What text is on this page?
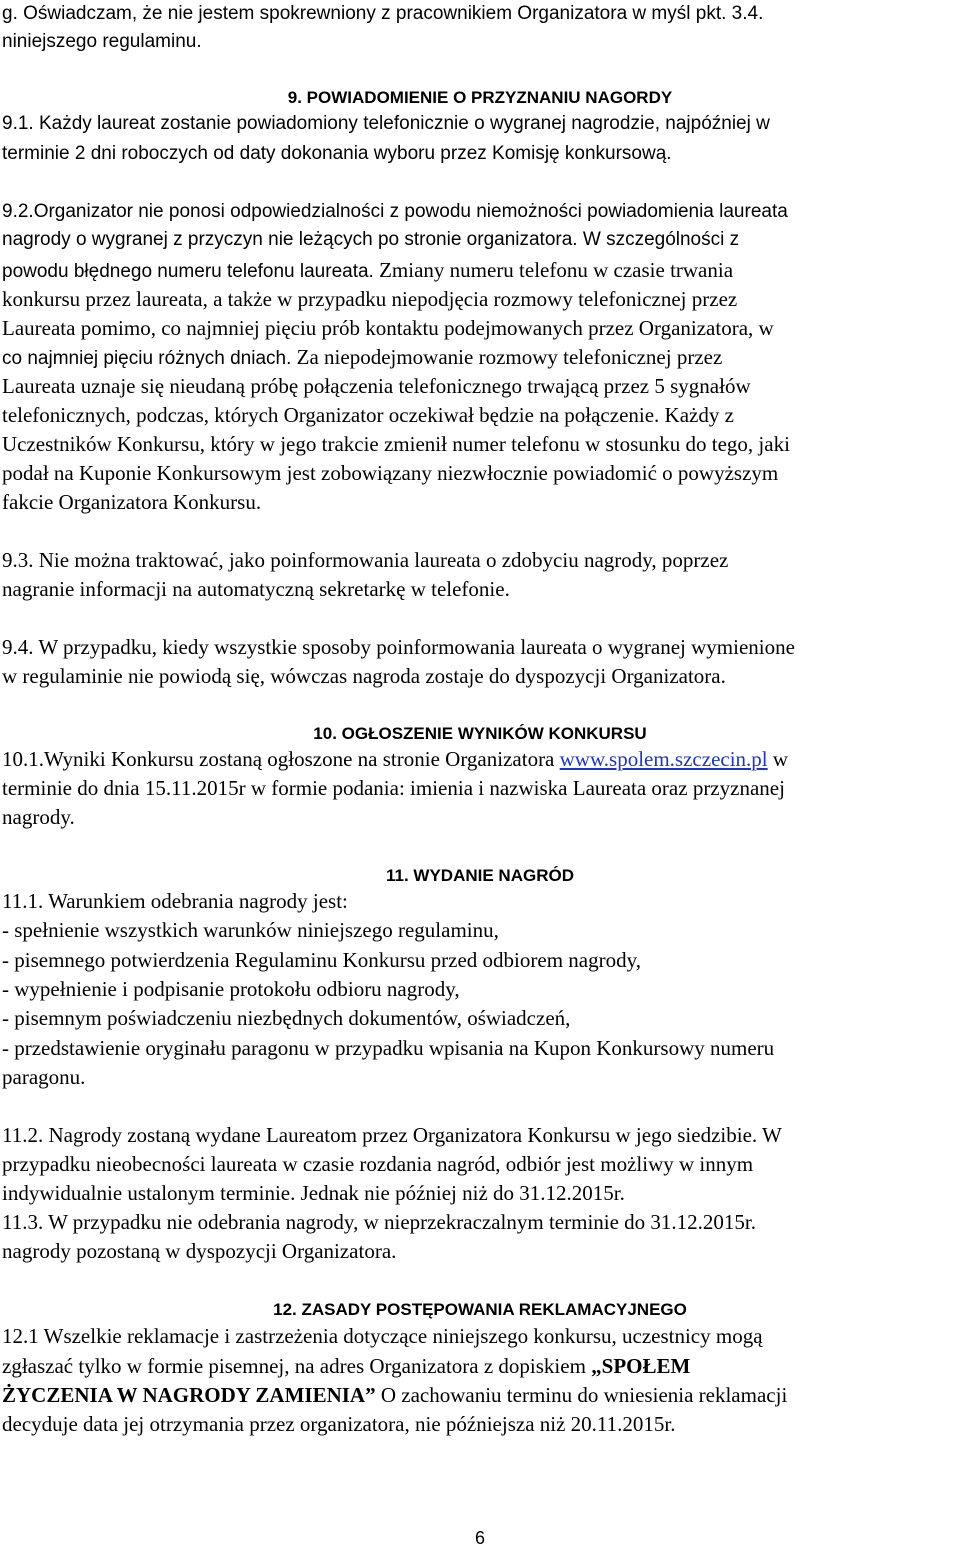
g. Oświadczam, że nie jestem spokrewniony z pracownikiem Organizatora w myśl pkt. 3.4.
niniejszego regulaminu.
9. POWIADOMIENIE O PRZYZNANIU NAGORDY
9.1. Każdy laureat zostanie powiadomiony telefonicznie o wygranej nagrodzie, najpóźniej w
terminie 2 dni roboczych od daty dokonania wyboru przez Komisję konkursową.
9.2.Organizator nie ponosi odpowiedzialności z powodu niemożności powiadomienia laureata
nagrody o wygranej z przyczyn nie leżących po stronie organizatora. W szczególności z
powodu błędnego numeru telefonu laureata. Zmiany numeru telefonu w czasie trwania
konkursu przez laureata, a także w przypadku niepodjęcia rozmowy telefonicznej przez
Laureata pomimo, co najmniej pięciu prób kontaktu podejmowanych przez Organizatora, w
co najmniej pięciu różnych dniach. Za niepodejmowanie rozmowy telefonicznej przez
Laureata uznaje się nieudaną próbę połączenia telefonicznego trwającą przez 5 sygnałów
telefonicznych, podczas, których Organizator oczekiwał będzie na połączenie. Każdy z
Uczestników Konkursu, który w jego trakcie zmienił numer telefonu w stosunku do tego, jaki
podał na Kuponie Konkursowym jest zobowiązany niezwłocznie powiadomić o powyższym
fakcie Organizatora Konkursu.
9.3. Nie można traktować, jako poinformowania laureata o zdobyciu nagrody, poprzez
nagranie informacji na automatyczną sekretarkę w telefonie.
9.4. W przypadku, kiedy wszystkie sposoby poinformowania laureata o wygranej wymienione
w regulaminie nie powiodą się, wówczas nagroda zostaje do dyspozycji Organizatora.
10. OGŁOSZENIE WYNIKÓW KONKURSU
10.1.Wyniki Konkursu zostaną ogłoszone na stronie Organizatora www.spolem.szczecin.pl w
terminie do dnia 15.11.2015r w formie podania: imienia i nazwiska Laureata oraz przyznanej
nagrody.
11. WYDANIE NAGRÓD
11.1. Warunkiem odebrania nagrody jest:
- spełnienie wszystkich warunków niniejszego regulaminu,
- pisemnego potwierdzenia Regulaminu Konkursu przed odbiorem nagrody,
- wypełnienie i podpisanie protokołu odbioru nagrody,
- pisemnym poświadczeniu niezbędnych dokumentów, oświadczeń,
- przedstawienie oryginału paragonu w przypadku wpisania na Kupon Konkursowy numeru
paragonu.
11.2. Nagrody zostaną wydane Laureatom przez Organizatora Konkursu w jego siedzibie. W
przypadku nieobecności laureata w czasie rozdania nagród, odbiór jest możliwy w innym
indywidualnie ustalonym terminie. Jednak nie później niż do 31.12.2015r.
11.3. W przypadku nie odebrania nagrody, w nieprzekraczalnym terminie do 31.12.2015r.
nagrody pozostaną w dyspozycji Organizatora.
12. ZASADY POSTĘPOWANIA REKLAMACYJNEGO
12.1 Wszelkie reklamacje i zastrzeżenia dotyczące niniejszego konkursu, uczestnicy mogą
zgłaszać tylko w formie pisemnej, na adres Organizatora z dopiskiem „SPOŁEM
ŻYCZENIA W NAGRODY ZAMIENIA” O zachowaniu terminu do wniesienia reklamacji
decyduje data jej otrzymania przez organizatora, nie późniejsza niż 20.11.2015r.
6
